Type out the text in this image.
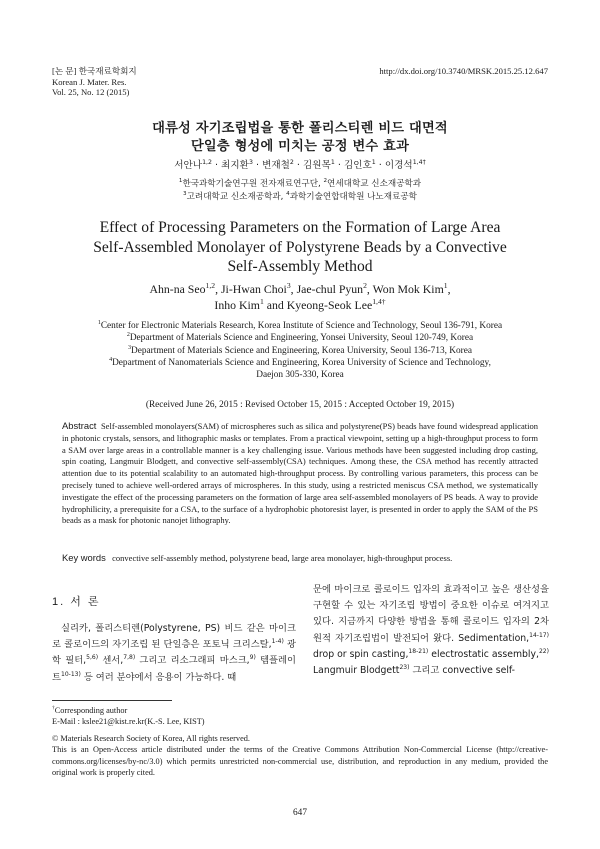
[논 문] 한국재료학회지
Korean J. Mater. Res.
Vol. 25, No. 12 (2015)
http://dx.doi.org/10.3740/MRSK.2015.25.12.647
대류성 자기조립법을 통한 폴리스티렌 비드 대면적
단일층 형성에 미치는 공정 변수 효과
서안나$^{1,2}$ · 최지환$^3$ · 변재철$^2$ · 김원목$^1$ · 김인호$^1$ · 이경석$^{1,4\dagger}$
$^1$한국과학기술연구원 전자재료연구단, $^2$연세대학교 신소재공학과
$^3$고려대학교 신소재공학과, $^4$과학기술연합대학원 나노재료공학
Effect of Processing Parameters on the Formation of Large Area
Self-Assembled Monolayer of Polystyrene Beads by a Convective
Self-Assembly Method
Ahn-na Seo$^{1,2}$, Ji-Hwan Choi$^3$, Jae-chul Pyun$^2$, Won Mok Kim$^1$,
Inho Kim$^1$ and Kyeong-Seok Lee$^{1,4\dagger}$
$^1$Center for Electronic Materials Research, Korea Institute of Science and Technology, Seoul 136-791, Korea
$^2$Department of Materials Science and Engineering, Yonsei University, Seoul 120-749, Korea
$^3$Department of Materials Science and Engineering, Korea University, Seoul 136-713, Korea
$^4$Department of Nanomaterials Science and Engineering, Korea University of Science and Technology,
Daejon 305-330, Korea
(Received June 26, 2015 : Revised October 15, 2015 : Accepted October 19, 2015)
Abstract Self-assembled monolayers(SAM) of microspheres such as silica and polystyrene(PS) beads have found widespread application in photonic crystals, sensors, and lithographic masks or templates. From a practical viewpoint, setting up a high-throughput process to form a SAM over large areas in a controllable manner is a key challenging issue. Various methods have been suggested including drop casting, spin coating, Langmuir Blodgett, and convective self-assembly(CSA) techniques. Among these, the CSA method has recently attracted attention due to its potential scalability to an automated high-throughput process. By controlling various parameters, this process can be precisely tuned to achieve well-ordered arrays of microspheres. In this study, using a restricted meniscus CSA method, we systematically investigate the effect of the processing parameters on the formation of large area self-assembled monolayers of PS beads. A way to provide hydrophilicity, a prerequisite for a CSA, to the surface of a hydrophobic photoresist layer, is presented in order to apply the SAM of the PS beads as a mask for photonic nanojet lithography.
Key words convective self-assembly method, polystyrene bead, large area monolayer, high-throughput process.
1. 서 론

실리카, 폴리스티렌(Polystyrene, PS) 비드 같은 마이크로 콜로이드의 자기조립 된 단일층은 포토닉 크리스탈,$^{1-4)}$ 광학 필터,$^{5,6)}$ 센서,$^{7,8)}$ 그리고 리소그래피 마스크,$^{9)}$ 템플레이트$^{10-13)}$ 등 여러 분야에서 응용이 가능하다. 때

문에 마이크로 콜로이드 입자의 효과적이고 높은 생산성을 구현할 수 있는 자기조립 방법이 중요한 이슈로 여겨지고 있다. 지금까지 다양한 방법을 통해 콜로이드 입자의 2차원적 자기조립법이 발전되어 왔다. Sedimentation,$^{14-17)}$ drop or spin casting,$^{18-21)}$ electrostatic assembly,$^{22)}$ Langmuir Blodgett$^{23)}$ 그리고 convective self-

†Corresponding author
E-Mail : kslee21@kist.re.kr(K.-S. Lee, KIST)
© Materials Research Society of Korea, All rights reserved.
This is an Open-Access article distributed under the terms of the Creative Commons Attribution Non-Commercial License (http://creative-commons.org/licenses/by-nc/3.0) which permits unrestricted non-commercial use, distribution, and reproduction in any medium, provided the original work is properly cited.
647
